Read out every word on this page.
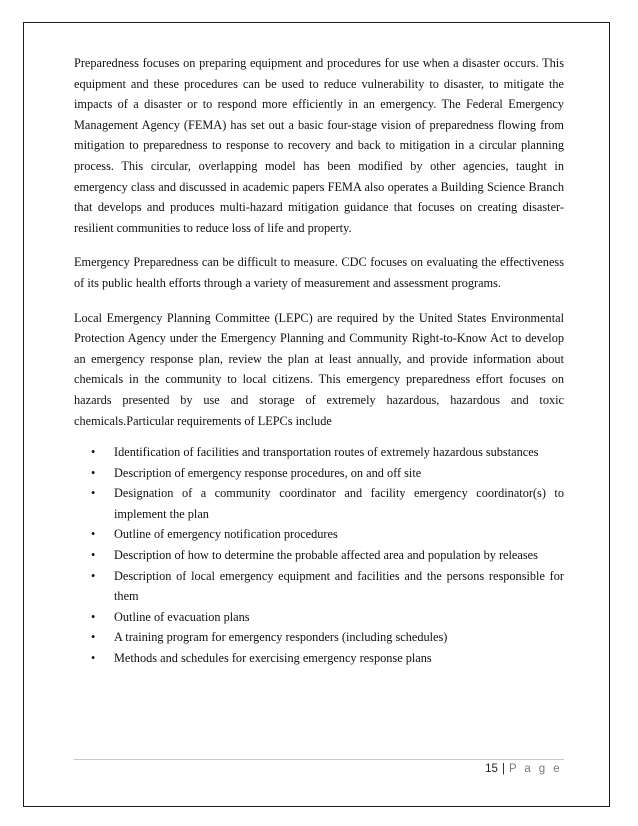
Preparedness focuses on preparing equipment and procedures for use when a disaster occurs. This equipment and these procedures can be used to reduce vulnerability to disaster, to mitigate the impacts of a disaster or to respond more efficiently in an emergency. The Federal Emergency Management Agency (FEMA) has set out a basic four-stage vision of preparedness flowing from mitigation to preparedness to response to recovery and back to mitigation in a circular planning process. This circular, overlapping model has been modified by other agencies, taught in emergency class and discussed in academic papers FEMA also operates a Building Science Branch that develops and produces multi-hazard mitigation guidance that focuses on creating disaster-resilient communities to reduce loss of life and property.

Emergency Preparedness can be difficult to measure. CDC focuses on evaluating the effectiveness of its public health efforts through a variety of measurement and assessment programs.

Local Emergency Planning Committee (LEPC) are required by the United States Environmental Protection Agency under the Emergency Planning and Community Right-to-Know Act to develop an emergency response plan, review the plan at least annually, and provide information about chemicals in the community to local citizens. This emergency preparedness effort focuses on hazards presented by use and storage of extremely hazardous, hazardous and toxic chemicals.Particular requirements of LEPCs include

•	Identification of facilities and transportation routes of extremely hazardous substances
•	Description of emergency response procedures, on and off site
•	Designation of a community coordinator and facility emergency coordinator(s) to implement the plan
•	Outline of emergency notification procedures
•	Description of how to determine the probable affected area and population by releases
•	Description of local emergency equipment and facilities and the persons responsible for them
•	Outline of evacuation plans
•	A training program for emergency responders (including schedules)
•	Methods and schedules for exercising emergency response plans
15 | P a g e
